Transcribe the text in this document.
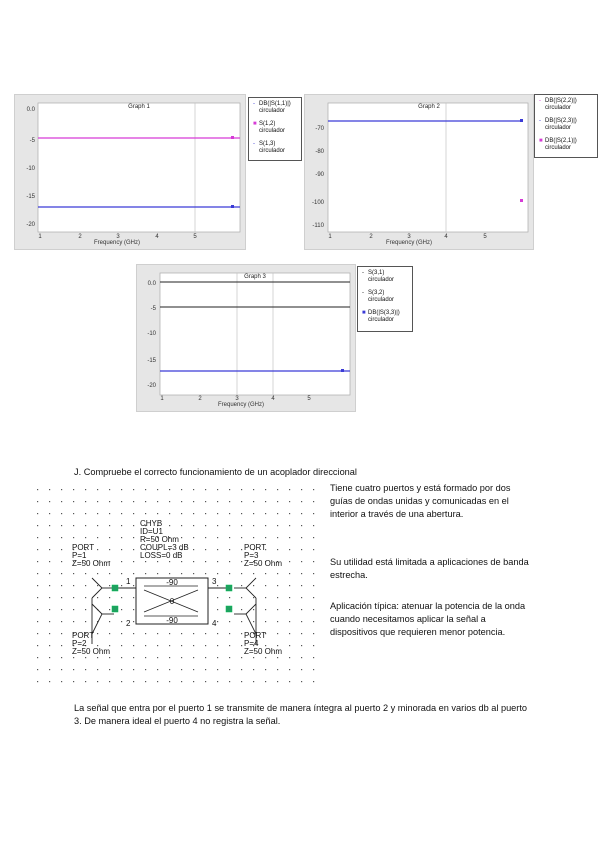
Graph 1
0.0
-5
-10
-15
-20
1	2	3	4	5
Frequency (GHz)
- DB(|S(1,1)|)
circulador
■ S(1,2)
circulador
- S(1,3)
circulador
Graph 2
-70
-80
-90
-100
-110
1	2	3	4	5
Frequency (GHz)
- DB(|S(2,2)|)
circulador
- DB(|S(2,3)|)
circulador
■ DB(|S(2,1)|)
circulador
Graph 3
0.0
-5
-10
-15
-20
1	2	3	4	5
Frequency (GHz)
- S(3,1)
circulador
- S(3,2)
circulador
■ DB(|S(3,3)|)
circulador
J. Compruebe el correcto funcionamiento de un acoplador direccional
-90
0
-90
1
2
3
4
CHYB
ID=U1
R=50 Ohm
COUPL=3 dB
LOSS=0 dB
PORT
P=1
Z=50 Ohm
PORT
P=3
Z=50 Ohm
PORT
P=2
Z=50 Ohm
PORT
P=4
Z=50 Ohm
Tiene cuatro puertos y está formado por dos guías de ondas unidas y comunicadas en el interior a través de una abertura.
Su utilidad está limitada a aplicaciones de banda estrecha.
Aplicación típica: atenuar la potencia de la onda cuando necesitamos aplicar la señal a dispositivos que requieren menor potencia.
La señal que entra por el puerto 1 se transmite de manera íntegra al puerto 2 y minorada en varios db al puerto 3. De manera ideal el puerto 4 no registra la señal.
